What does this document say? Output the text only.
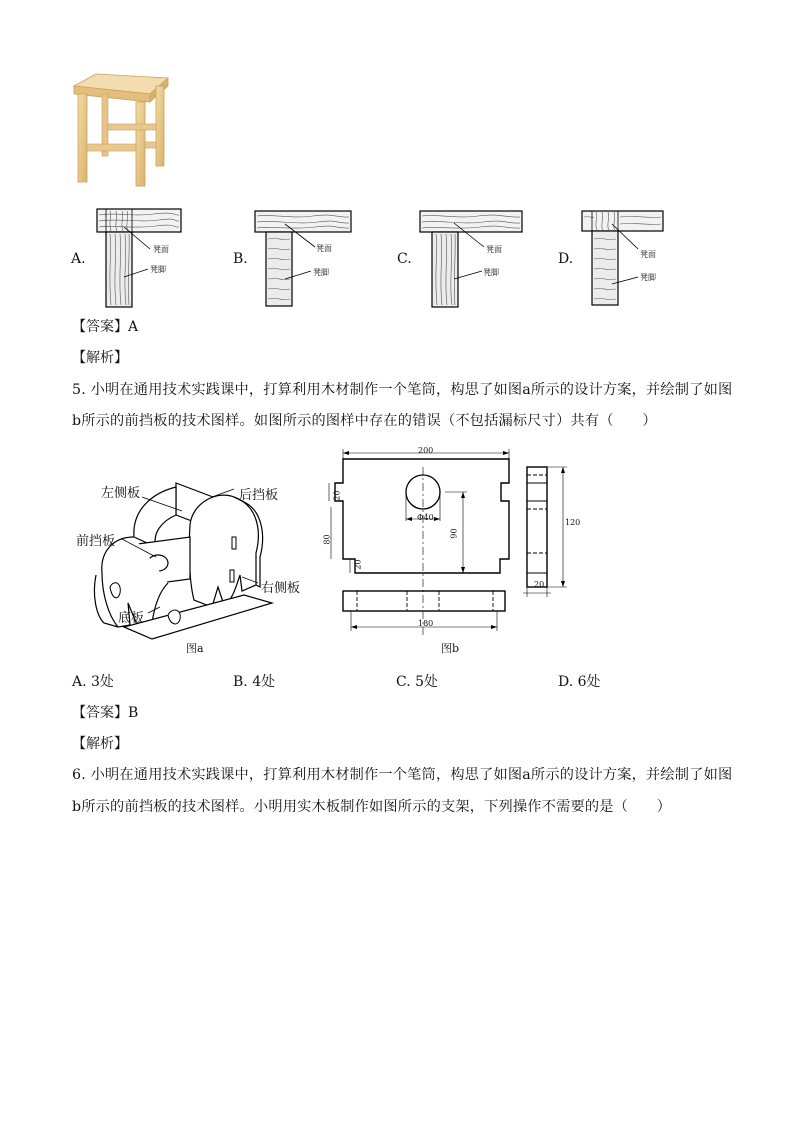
A.
凳面
凳脚
B.
凳面
凳脚
C.
凳面
凳脚
D.	凳面
凳脚
【答案】A
【解析】
5. 小明在通用技术实践课中，打算利用木材制作一个笔筒，构思了如图a所示的设计方案，并绘制了如图
b所示的前挡板的技术图样。如图所示的图样中存在的错误（不包括漏标尺寸）共有（　　）
左侧板	后挡板
前挡板
右侧板
底板
图a
200
20
Φ40
90
80
20
120
20
180
图b
A. 3处	B. 4处	C. 5处	D. 6处
【答案】B
【解析】
6. 小明在通用技术实践课中，打算利用木材制作一个笔筒，构思了如图a所示的设计方案，并绘制了如图
b所示的前挡板的技术图样。小明用实木板制作如图所示的支架，下列操作不需要的是（　　）
